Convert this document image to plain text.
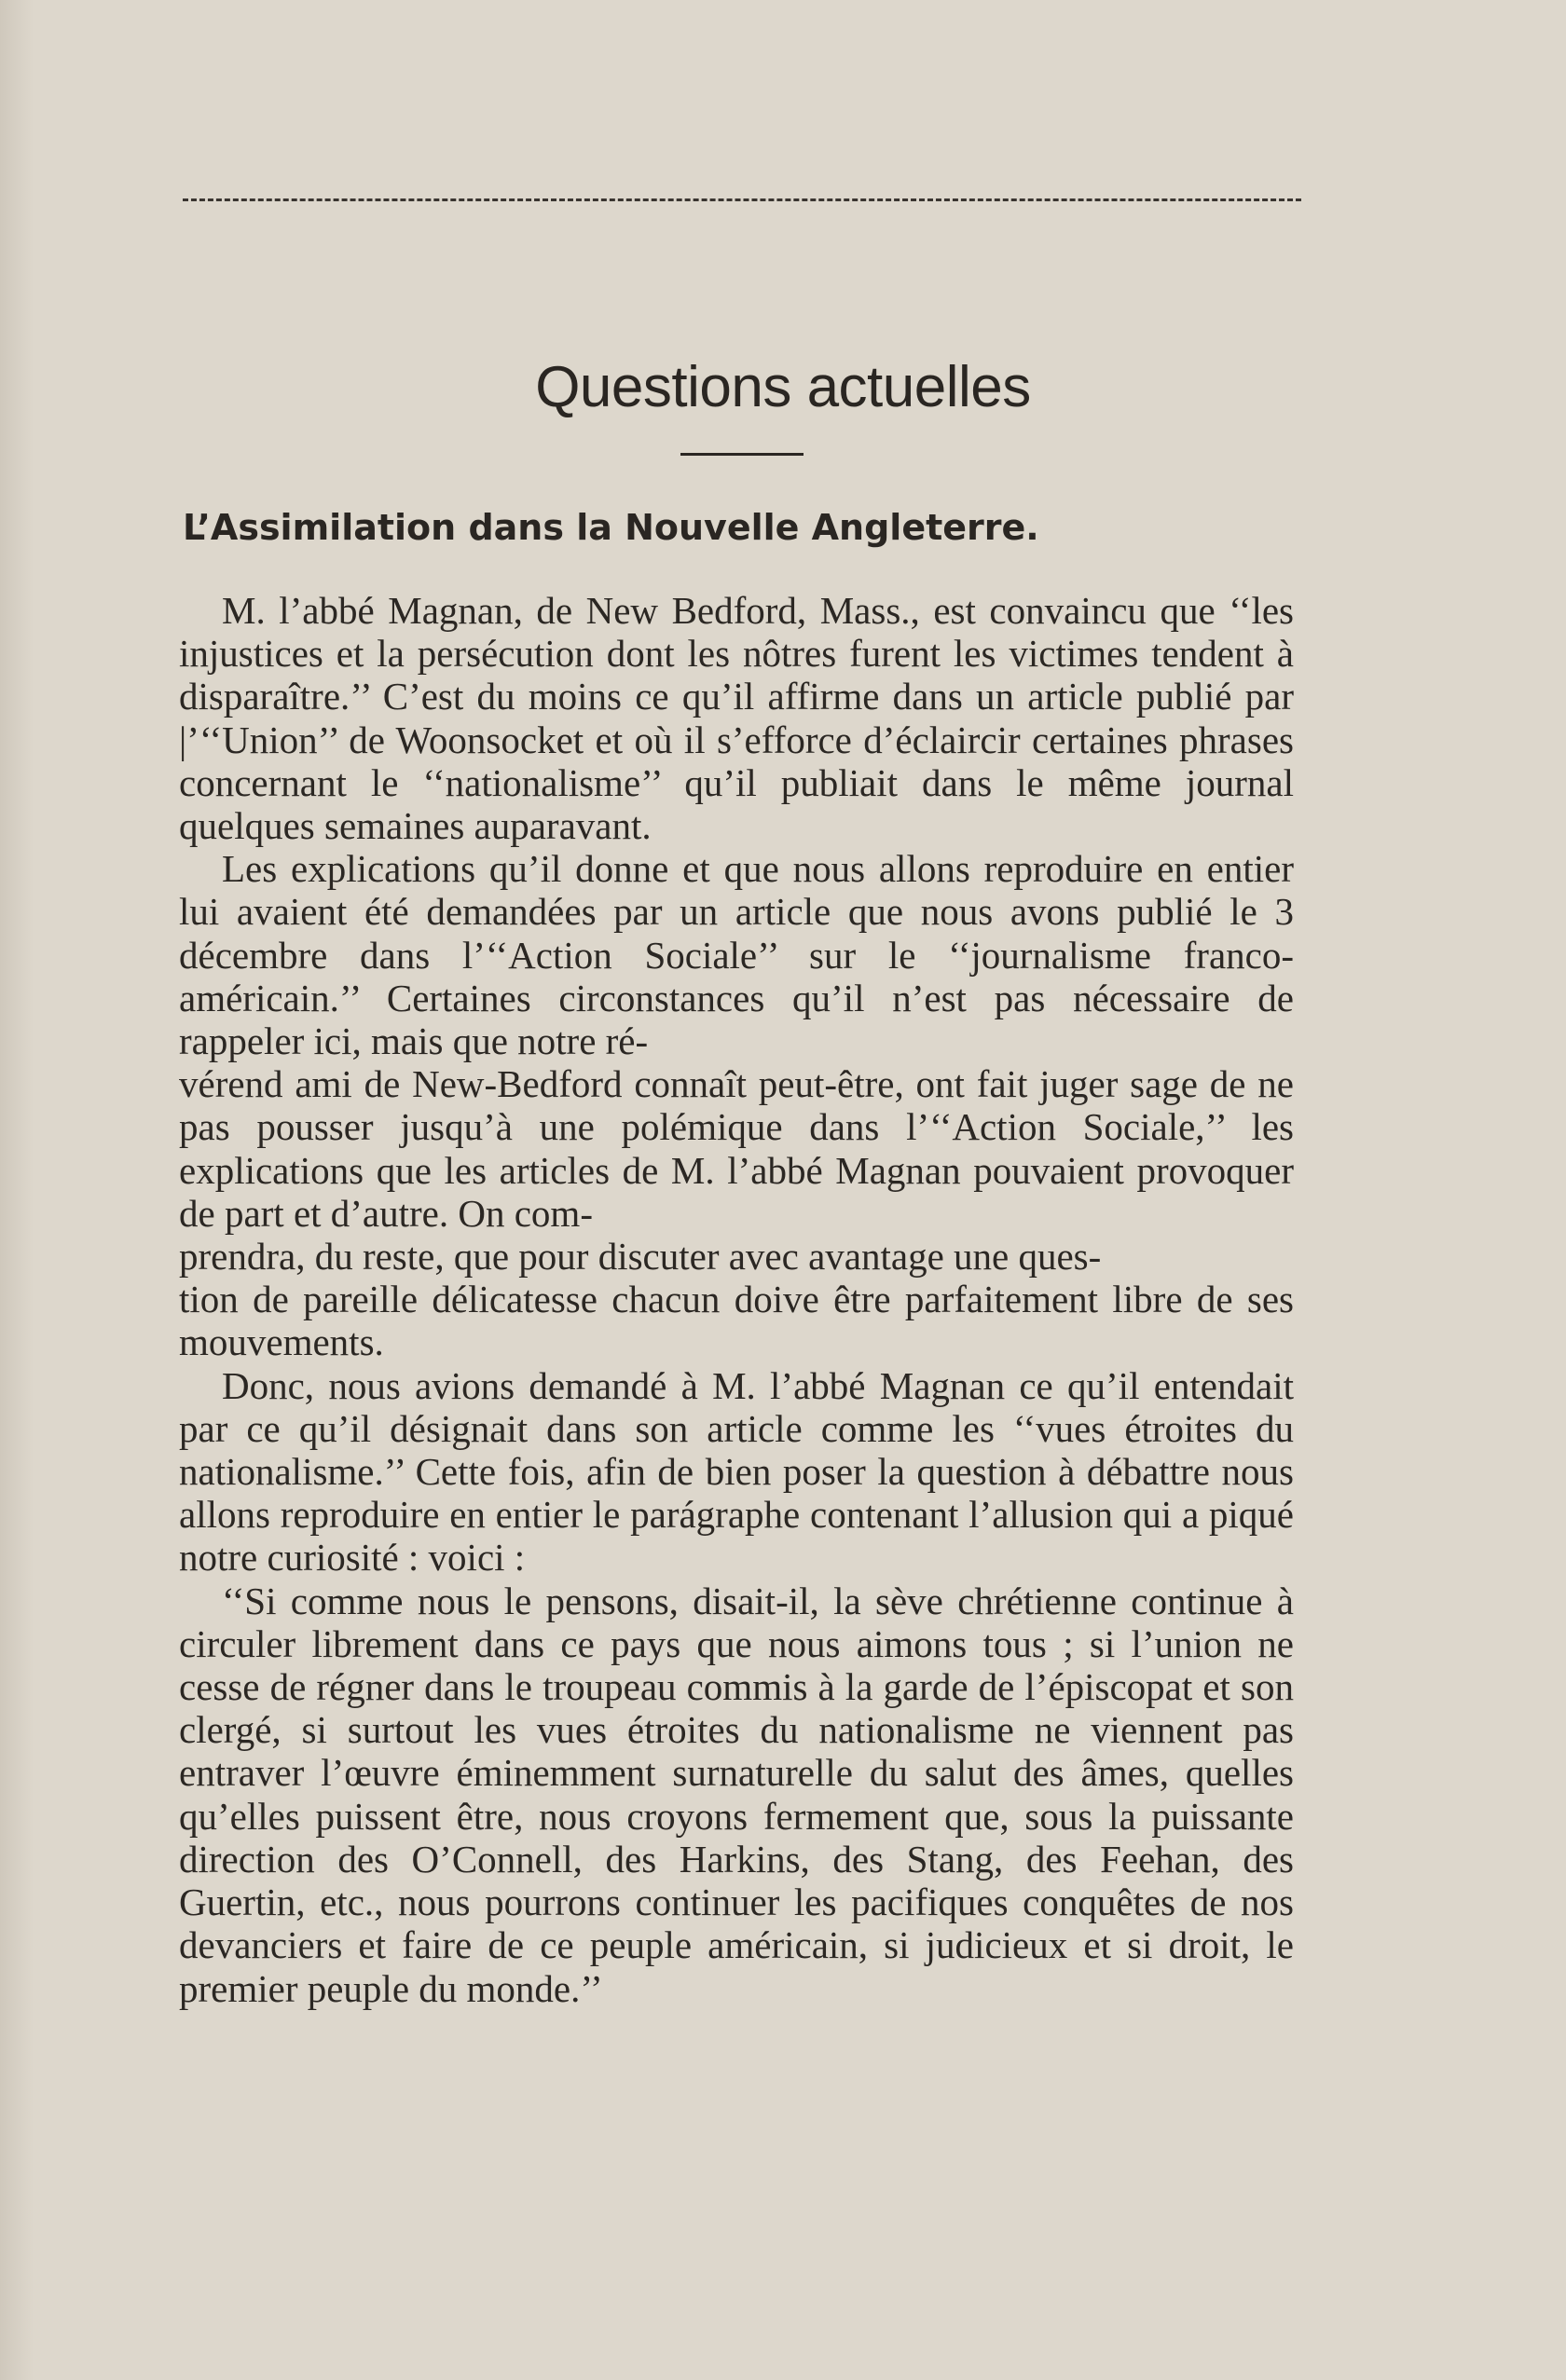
Questions actuelles
L’Assimilation dans la Nouvelle Angleterre.

M. l’abbé Magnan, de New Bedford, Mass., est convaincu que ‘‘les injustices et la persécution dont les nôtres furent les victimes tendent à disparaître.’’ C’est du moins ce qu’il affirme dans un article publié par |’‘‘Union’’ de Woonsocket et où il s’efforce d’éclaircir certaines phrases concernant le ‘‘nationalisme’’ qu’il publiait dans le même journal quelques semaines auparavant.

Les explications qu’il donne et que nous allons reproduire en entier lui avaient été demandées par un article que nous avons publié le 3 décembre dans l’‘‘Action Sociale’’ sur le ‘‘journalisme franco-américain.’’ Certaines circonstances qu’il n’est pas nécessaire de rappeler ici, mais que notre ré-
vérend ami de New-Bedford connaît peut-être, ont fait juger sage de ne pas pousser jusqu’à une polémique dans l’‘‘Action Sociale,’’ les explications que les articles de M. l’abbé Magnan pouvaient provoquer de part et d’autre. On com-
prendra, du reste, que pour discuter avec avantage une ques-
tion de pareille délicatesse chacun doive être parfaitement libre de ses mouvements.

Donc, nous avions demandé à M. l’abbé Magnan ce qu’il entendait par ce qu’il désignait dans son article comme les ‘‘vues étroites du nationalisme.’’ Cette fois, afin de bien poser la question à débattre nous allons reproduire en entier le parágraphe contenant l’allusion qui a piqué notre curiosité : voici :

‘‘Si comme nous le pensons, disait-il, la sève chrétienne continue à circuler librement dans ce pays que nous aimons tous ; si l’union ne cesse de régner dans le troupeau commis à la garde de l’épiscopat et son clergé, si surtout les vues étroites du nationalisme ne viennent pas entraver l’œuvre éminemment surnaturelle du salut des âmes, quelles qu’elles puissent être, nous croyons fermement que, sous la puissante direction des O’Connell, des Harkins, des Stang, des Feehan, des Guertin, etc., nous pourrons continuer les pacifiques conquêtes de nos devanciers et faire de ce peuple américain, si judicieux et si droit, le premier peuple du monde.’’
